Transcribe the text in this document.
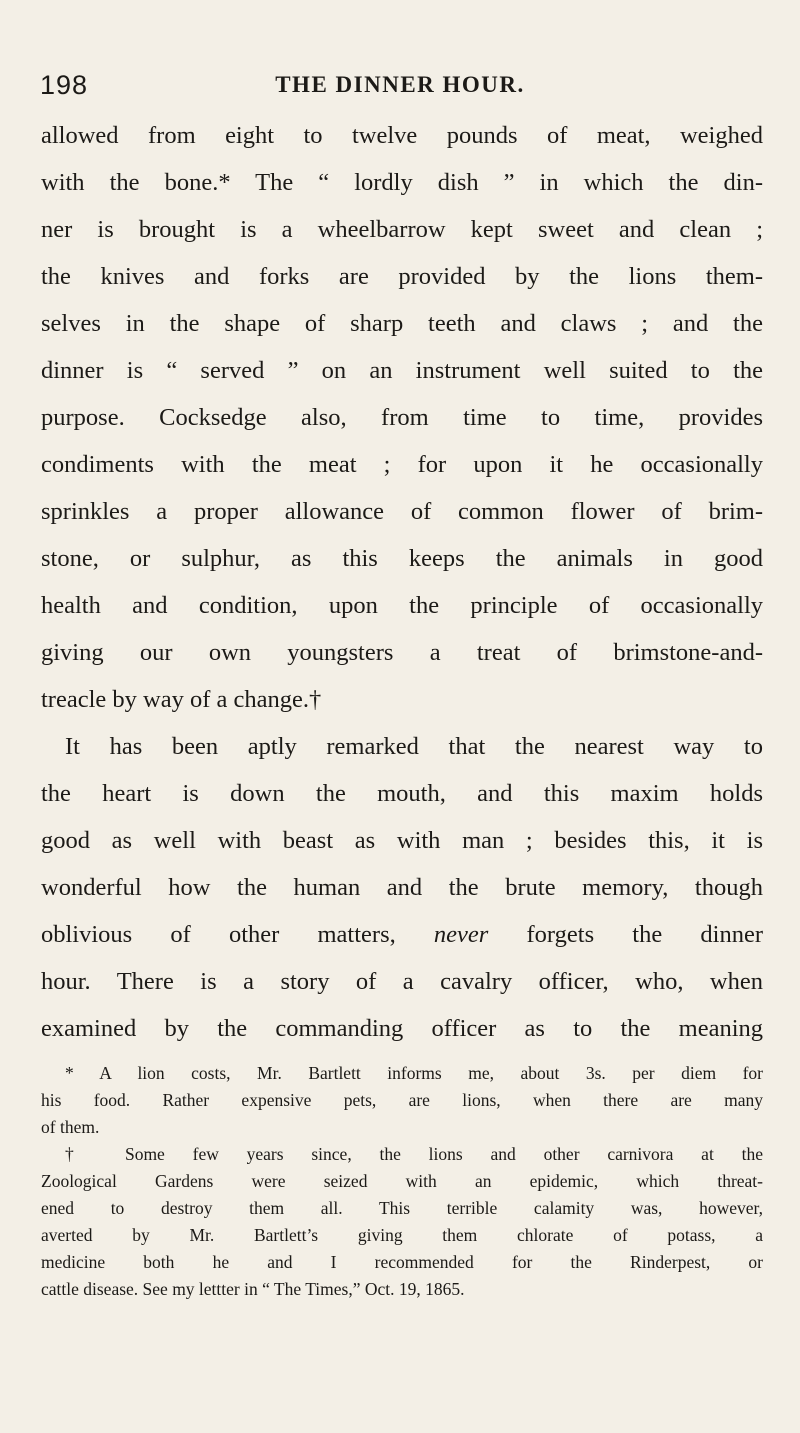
198	THE DINNER HOUR.
allowed from eight to twelve pounds of meat, weighed
with the bone.* The “ lordly dish ” in which the din-
ner is brought is a wheelbarrow kept sweet and clean ;
the knives and forks are provided by the lions them-
selves in the shape of sharp teeth and claws ; and the
dinner is “ served ” on an instrument well suited to the
purpose. Cocksedge also, from time to time, provides
condiments with the meat ; for upon it he occasionally
sprinkles a proper allowance of common flower of brim-
stone, or sulphur, as this keeps the animals in good
health and condition, upon the principle of occasionally
giving our own youngsters a treat of brimstone-and-
treacle by way of a change.†
It has been aptly remarked that the nearest way to
the heart is down the mouth, and this maxim holds
good as well with beast as with man ; besides this, it is
wonderful how the human and the brute memory, though
oblivious of other matters, never forgets the dinner
hour. There is a story of a cavalry officer, who, when
examined by the commanding officer as to the meaning
* A lion costs, Mr. Bartlett informs me, about 3s. per diem for
his food. Rather expensive pets, are lions, when there are many
of them.
† Some few years since, the lions and other carnivora at the
Zoological Gardens were seized with an epidemic, which threat-
ened to destroy them all. This terrible calamity was, however,
averted by Mr. Bartlett’s giving them chlorate of potass, a
medicine both he and I recommended for the Rinderpest, or
cattle disease. See my lettter in “ The Times,” Oct. 19, 1865.
